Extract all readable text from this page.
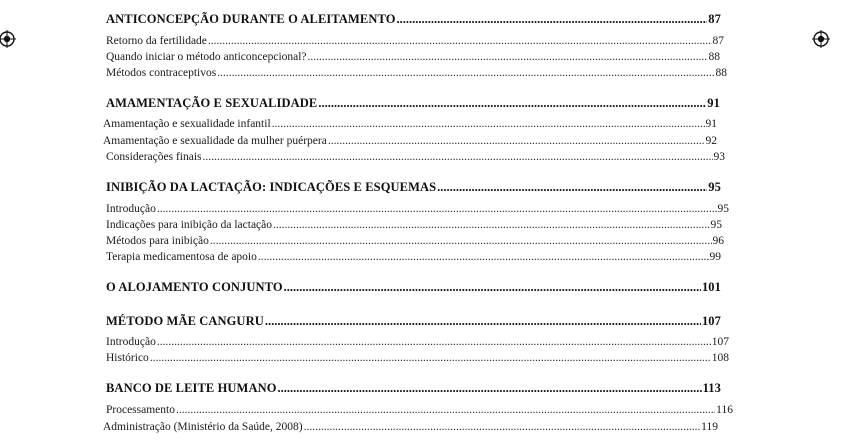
ANTICONCEPÇÃO DURANTE O ALEITAMENTO .....	87
Retorno da fertilidade .....	87
Quando iniciar o método anticoncepcional? .....	88
Métodos contraceptivos .....	88
AMAMENTAÇÃO E SEXUALIDADE .....	91
Amamentação e sexualidade infantil .....	91
Amamentação e sexualidade da mulher puérpera .....	92
Considerações finais .....	93
INIBIÇÃO DA LACTAÇÃO: INDICAÇÕES E ESQUEMAS .....	95
Introdução .....	95
Indicações para inibição da lactação .....	95
Métodos para inibição .....	96
Terapia medicamentosa de apoio .....	99
O ALOJAMENTO CONJUNTO .....	101
MÉTODO MÃE CANGURU .....	107
Introdução .....	107
Histórico .....	108
BANCO DE LEITE HUMANO .....	113
Processamento .....	116
Administração (Ministério da Saúde, 2008) .....	119
